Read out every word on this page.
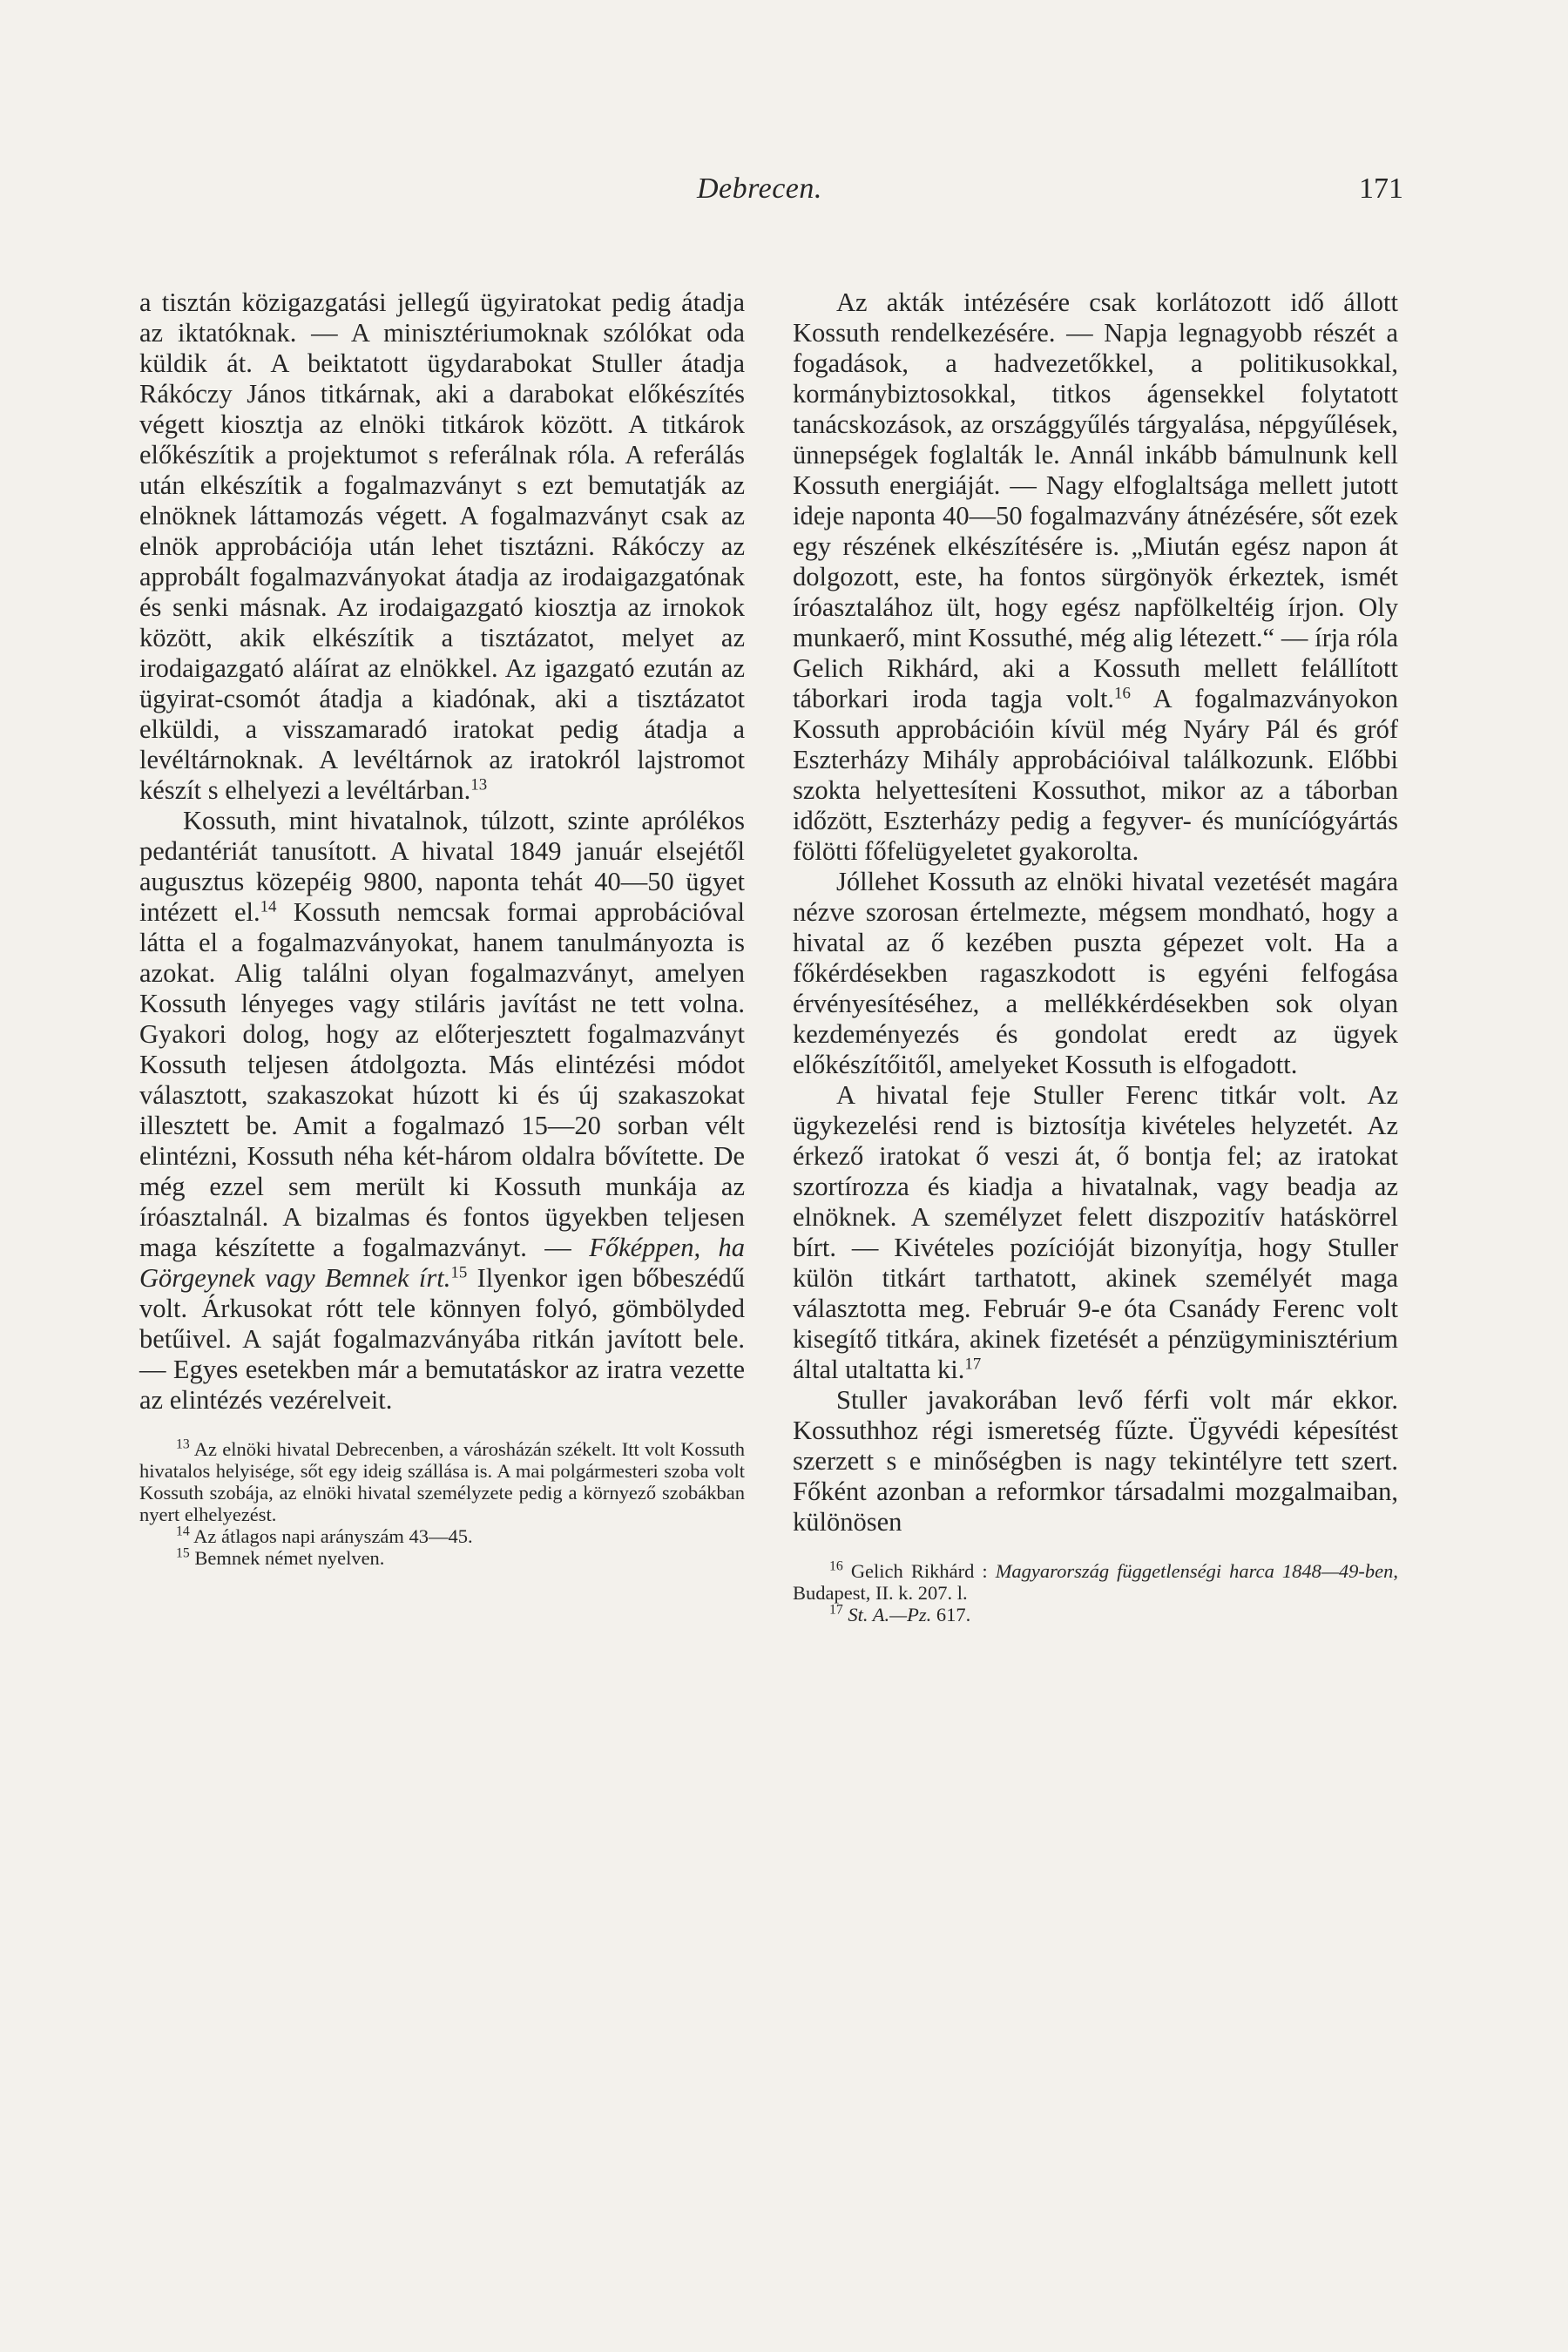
Debrecen.	171

a tisztán közigazgatási jellegű ügyiratokat pedig átadja az iktatóknak. — A minisztériumoknak szólókat oda küldik át. A beiktatott ügydarabokat Stuller átadja Rákóczy János titkárnak, aki a darabokat előkészítés végett kiosztja az elnöki titkárok között. A titkárok előkészítik a projektumot s referálnak róla. A referálás után elkészítik a fogalmazványt s ezt bemutatják az elnöknek láttamozás végett. A fogalmazványt csak az elnök approbációja után lehet tisztázni. Rákóczy az approbált fogalmazványokat átadja az irodaigazgatónak és senki másnak. Az irodaigazgató kiosztja az irnokok között, akik elkészítik a tisztázatot, melyet az irodaigazgató aláírat az elnökkel. Az igazgató ezután az ügyirat-csomót átadja a kiadónak, aki a tisztázatot elküldi, a visszamaradó iratokat pedig átadja a levéltárnoknak. A levéltárnok az iratokról lajstromot készít s elhelyezi a levéltárban.$^{13}$

Kossuth, mint hivatalnok, túlzott, szinte aprólékos pedantériát tanusított. A hivatal 1849 január elsejétől augusztus közepéig 9800, naponta tehát 40—50 ügyet intézett el.$^{14}$ Kossuth nemcsak formai approbációval látta el a fogalmazványokat, hanem tanulmányozta is azokat. Alig találni olyan fogalmazványt, amelyen Kossuth lényeges vagy stiláris javítást ne tett volna. Gyakori dolog, hogy az előterjesztett fogalmazványt Kossuth teljesen átdolgozta. Más elintézési módot választott, szakaszokat húzott ki és új szakaszokat illesztett be. Amit a fogalmazó 15—20 sorban vélt elintézni, Kossuth néha két-három oldalra bővítette. De még ezzel sem merült ki Kossuth munkája az íróasztalnál. A bizalmas és fontos ügyekben teljesen maga készítette a fogalmazványt. — Főképpen, ha Görgeynek vagy Bemnek írt.$^{15}$ Ilyenkor igen bőbeszédű volt. Árkusokat rótt tele könnyen folyó, gömbölyded betűivel. A saját fogalmazványába ritkán javított bele. — Egyes esetekben már a bemutatáskor az iratra vezette az elintézés vezérelveit.

$^{13}$ Az elnöki hivatal Debrecenben, a városházán székelt. Itt volt Kossuth hivatalos helyisége, sőt egy ideig szállása is. A mai polgármesteri szoba volt Kossuth szobája, az elnöki hivatal személyzete pedig a környező szobákban nyert elhelyezést.

$^{14}$ Az átlagos napi arányszám 43—45.

$^{15}$ Bemnek német nyelven.

Az akták intézésére csak korlátozott idő állott Kossuth rendelkezésére. — Napja legnagyobb részét a fogadások, a hadvezetőkkel, a politikusokkal, kormánybiztosokkal, titkos ágensekkel folytatott tanácskozások, az országgyűlés tárgyalása, népgyűlések, ünnepségek foglalták le. Annál inkább bámulnunk kell Kossuth energiáját. — Nagy elfoglaltsága mellett jutott ideje naponta 40—50 fogalmazvány átnézésére, sőt ezek egy részének elkészítésére is. „Miután egész napon át dolgozott, este, ha fontos sürgönyök érkeztek, ismét íróasztalához ült, hogy egész napfölkeltéig írjon. Oly munkaerő, mint Kossuthé, még alig létezett.“ — írja róla Gelich Rikhárd, aki a Kossuth mellett felállított táborkari iroda tagja volt.$^{16}$ A fogalmazványokon Kossuth approbációin kívül még Nyáry Pál és gróf Eszterházy Mihály approbációival találkozunk. Előbbi szokta helyettesíteni Kossuthot, mikor az a táborban időzött, Eszterházy pedig a fegyver- és munícíógyártás fölötti főfelügyeletet gyakorolta.

Jóllehet Kossuth az elnöki hivatal vezetését magára nézve szorosan értelmezte, mégsem mondható, hogy a hivatal az ő kezében puszta gépezet volt. Ha a főkérdésekben ragaszkodott is egyéni felfogása érvényesítéséhez, a mellékkérdésekben sok olyan kezdeményezés és gondolat eredt az ügyek előkészítőitől, amelyeket Kossuth is elfogadott.

A hivatal feje Stuller Ferenc titkár volt. Az ügykezelési rend is biztosítja kivételes helyzetét. Az érkező iratokat ő veszi át, ő bontja fel; az iratokat szortírozza és kiadja a hivatalnak, vagy beadja az elnöknek. A személyzet felett diszpozitív hatáskörrel bírt. — Kivételes pozícióját bizonyítja, hogy Stuller külön titkárt tarthatott, akinek személyét maga választotta meg. Február 9-e óta Csanády Ferenc volt kisegítő titkára, akinek fizetését a pénzügyminisztérium által utaltatta ki.$^{17}$

Stuller javakorában levő férfi volt már ekkor. Kossuthhoz régi ismeretség fűzte. Ügyvédi képesítést szerzett s e minőségben is nagy tekintélyre tett szert. Főként azonban a reformkor társadalmi mozgalmaiban, különösen

$^{16}$ Gelich Rikhárd : Magyarország függetlenségi harca 1848—49-ben, Budapest, II. k. 207. l.

$^{17}$ St. A.—Pz. 617.
